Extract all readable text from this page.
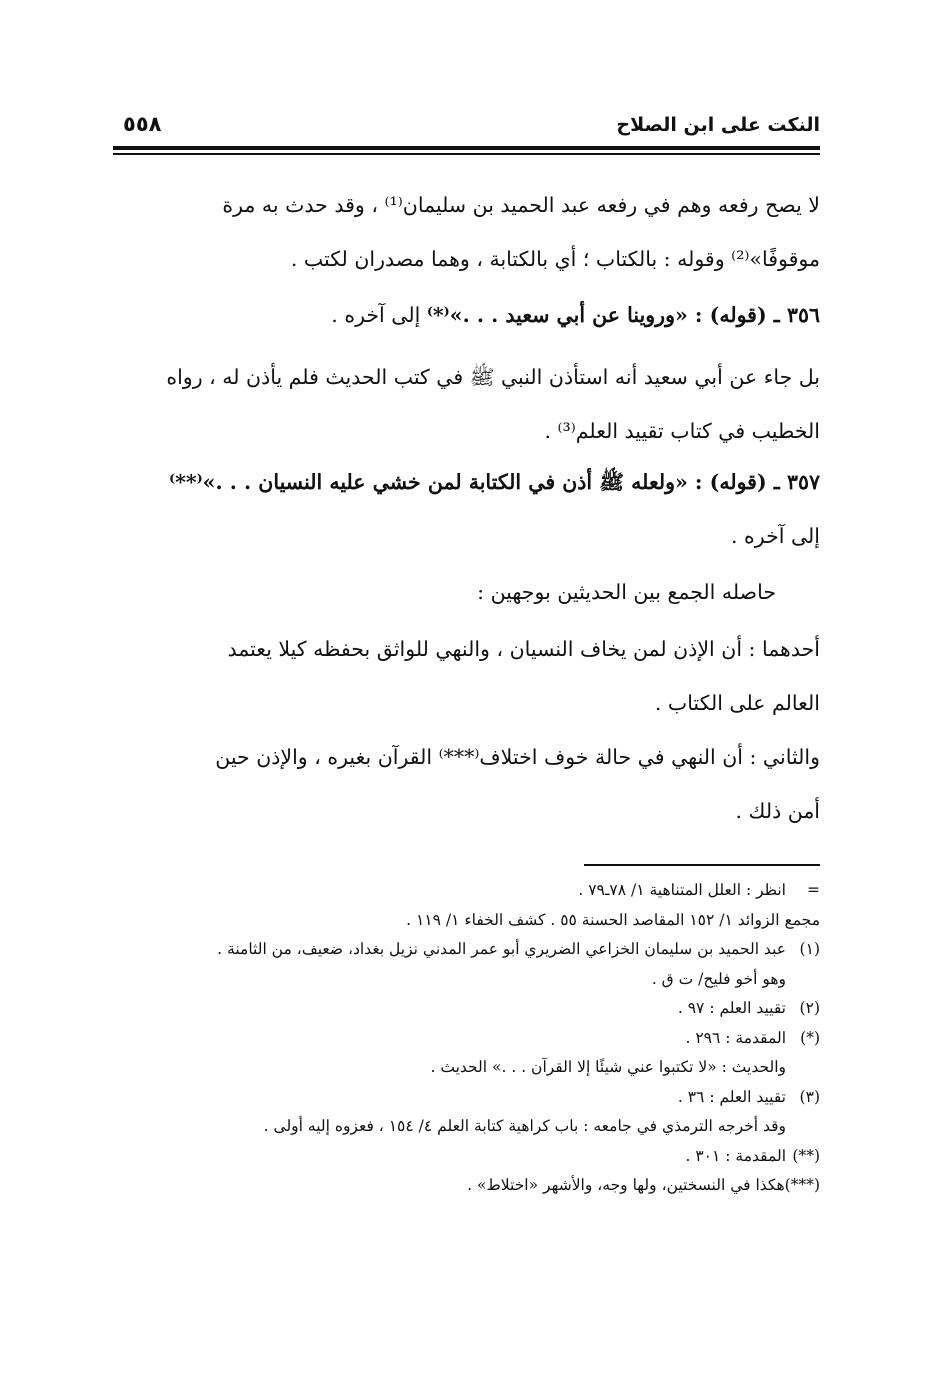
النكت على ابن الصلاح
٥٥٨
لا يصح رفعه وهم في رفعه عبد الحميد بن سليمان⁽¹⁾ ، وقد حدث به مرة
موقوفًا»⁽²⁾ وقوله : بالكتاب ؛ أي بالكتابة ، وهما مصدران لكتب .
٣٥٦ ـ (قوله) : «وروينا عن أبي سعيد . . .»⁽*⁾ إلى آخره .
بل جاء عن أبي سعيد أنه استأذن النبي ﷺ في كتب الحديث فلم يأذن له ، رواه
الخطيب في كتاب تقييد العلم⁽³⁾ .
٣٥٧ ـ (قوله) : «ولعله ﷺ أذن في الكتابة لمن خشي عليه النسيان . . .»⁽**⁾
إلى آخره .
حاصله الجمع بين الحديثين بوجهين :
أحدهما : أن الإذن لمن يخاف النسيان ، والنهي للواثق بحفظه كيلا يعتمد
العالم على الكتاب .
والثاني : أن النهي في حالة خوف اختلاف⁽***⁾ القرآن بغيره ، والإذن حين
أمن ذلك .
=انظر : العلل المتناهية ١/ ٧٨ـ٧٩ .
مجمع الزوائد ١/ ١٥٢ المقاصد الحسنة ٥٥ . كشف الخفاء ١/ ١١٩ .
(١)عبد الحميد بن سليمان الخزاعي الضريري أبو عمر المدني نزيل بغداد، ضعيف، من الثامنة .
وهو أخو فليح/ ت ق .
(٢)تقييد العلم : ٩٧ .
(*)المقدمة : ٢٩٦ .
والحديث : «لا تكتبوا عني شيئًا إلا القرآن . . .» الحديث .
(٣)تقييد العلم : ٣٦ .
وقد أخرجه الترمذي في جامعه : باب كراهية كتابة العلم ٤/ ١٥٤ ، فعزوه إليه أولى .
(**)المقدمة : ٣٠١ .
(***)هكذا في النسختين، ولها وجه، والأشهر «اختلاط» .
